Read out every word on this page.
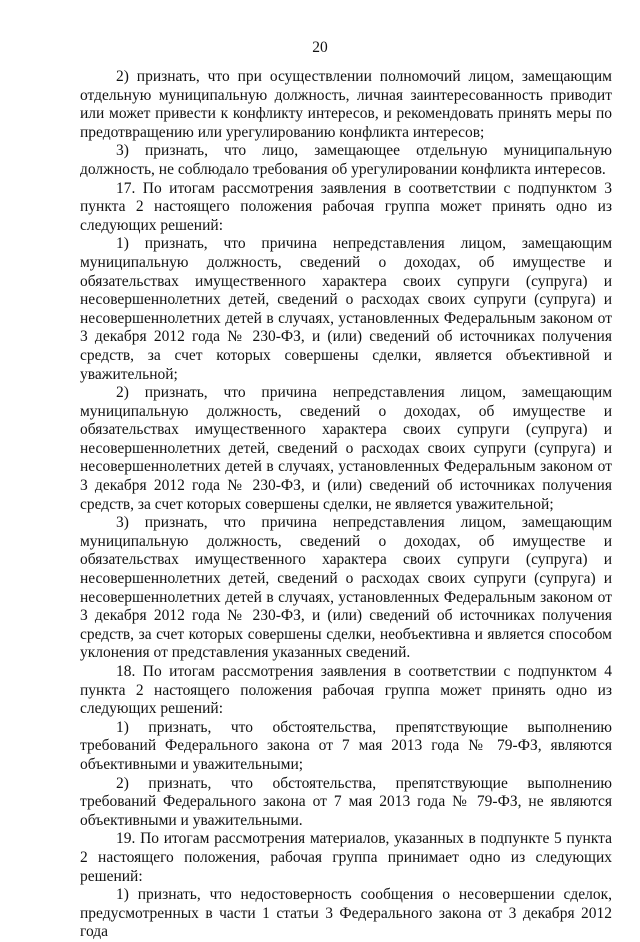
20

2) признать, что при осуществлении полномочий лицом, замещающим отдельную муниципальную должность, личная заинтересованность приводит или может привести к конфликту интересов, и рекомендовать принять меры по предотвращению или урегулированию конфликта интересов;

3) признать, что лицо, замещающее отдельную муниципальную должность, не соблюдало требования об урегулировании конфликта интересов.

17. По итогам рассмотрения заявления в соответствии с подпунктом 3 пункта 2 настоящего положения рабочая группа может принять одно из следующих решений:

1) признать, что причина непредставления лицом, замещающим муниципальную должность, сведений о доходах, об имуществе и обязательствах имущественного характера своих супруги (супруга) и несовершеннолетних детей, сведений о расходах своих супруги (супруга) и несовершеннолетних детей в случаях, установленных Федеральным законом от 3 декабря 2012 года № 230-ФЗ, и (или) сведений об источниках получения средств, за счет которых совершены сделки, является объективной и уважительной;

2) признать, что причина непредставления лицом, замещающим муниципальную должность, сведений о доходах, об имуществе и обязательствах имущественного характера своих супруги (супруга) и несовершеннолетних детей, сведений о расходах своих супруги (супруга) и несовершеннолетних детей в случаях, установленных Федеральным законом от 3 декабря 2012 года № 230-ФЗ, и (или) сведений об источниках получения средств, за счет которых совершены сделки, не является уважительной;

3) признать, что причина непредставления лицом, замещающим муниципальную должность, сведений о доходах, об имуществе и обязательствах имущественного характера своих супруги (супруга) и несовершеннолетних детей, сведений о расходах своих супруги (супруга) и несовершеннолетних детей в случаях, установленных Федеральным законом от 3 декабря 2012 года № 230-ФЗ, и (или) сведений об источниках получения средств, за счет которых совершены сделки, необъективна и является способом уклонения от представления указанных сведений.

18. По итогам рассмотрения заявления в соответствии с подпунктом 4 пункта 2 настоящего положения рабочая группа может принять одно из следующих решений:

1) признать, что обстоятельства, препятствующие выполнению требований Федерального закона от 7 мая 2013 года № 79-ФЗ, являются объективными и уважительными;

2) признать, что обстоятельства, препятствующие выполнению требований Федерального закона от 7 мая 2013 года № 79-ФЗ, не являются объективными и уважительными.

19. По итогам рассмотрения материалов, указанных в подпункте 5 пункта 2 настоящего положения, рабочая группа принимает одно из следующих решений:

1) признать, что недостоверность сообщения о несовершении сделок, предусмотренных в части 1 статьи 3 Федерального закона от 3 декабря 2012 года
